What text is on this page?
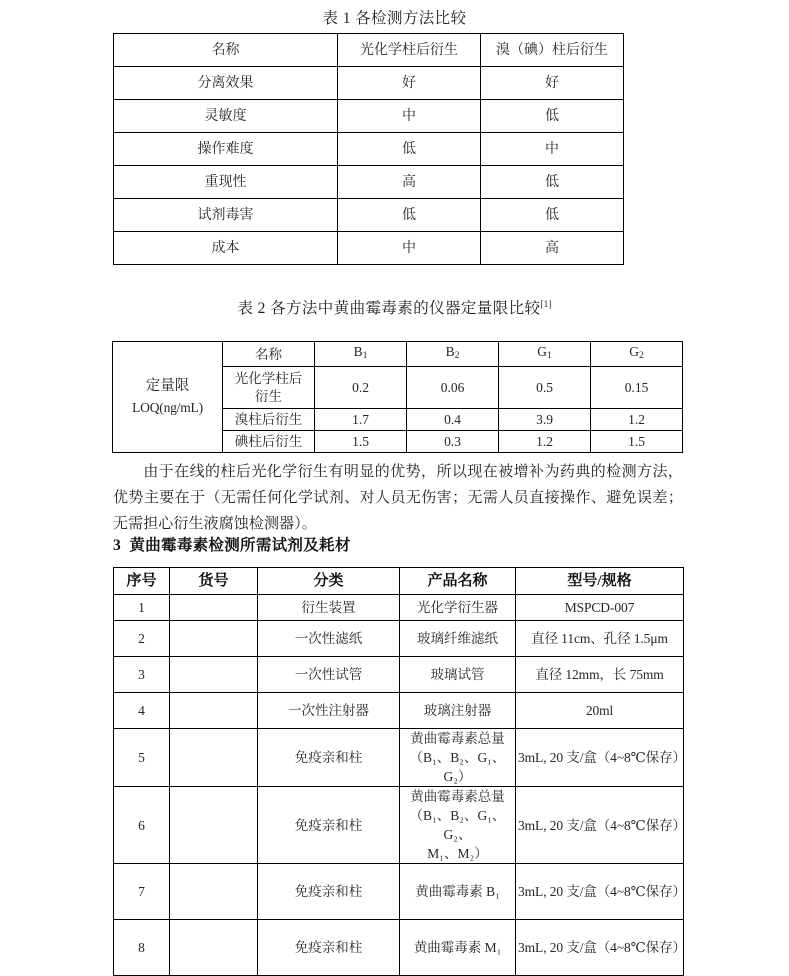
表 1 各检测方法比较
名称	光化学柱后衍生	溴（碘）柱后衍生
分离效果	好	好
灵敏度	中	低
操作难度	低	中
重现性	高	低
试剂毒害	低	低
成本	中	高
表 2 各方法中黄曲霉毒素的仪器定量限比较[1]
定量限
LOQ(ng/mL)	名称	$B_1$	$B_2$	$G_1$	$G_2$

	光化学柱后
衍生	0.2	0.06	0.5	0.15
	溴柱后衍生	1.7	0.4	3.9	1.2
	碘柱后衍生	1.5	0.3	1.2	1.5

由于在线的柱后光化学衍生有明显的优势，所以现在被增补为药典的检测方法，优势主要在于（无需任何化学试剂、对人员无伤害；无需人员直接操作、避免误差；无需担心衍生液腐蚀检测器）。

3 黄曲霉毒素检测所需试剂及耗材
序号	货号	分类	产品名称	型号/规格
1		衍生装置	光化学衍生器	MSPCD-007
2		一次性滤纸	玻璃纤维滤纸	直径 11cm、孔径 1.5μm
3		一次性试管	玻璃试管	直径 12mm，长 75mm
4		一次性注射器	玻璃注射器	20ml
5		免疫亲和柱	黄曲霉毒素总量
（B₁、B₂、G₁、G₂）	3mL, 20 支/盒（4~8℃保存）
6		免疫亲和柱	黄曲霉毒素总量
（B₁、B₂、G₁、G₂、
M₁、M₂）	3mL, 20 支/盒（4~8℃保存）
7		免疫亲和柱	黄曲霉毒素 B₁	3mL, 20 支/盒（4~8℃保存）
8		免疫亲和柱	黄曲霉毒素 M₁	3mL, 20 支/盒（4~8℃保存）
